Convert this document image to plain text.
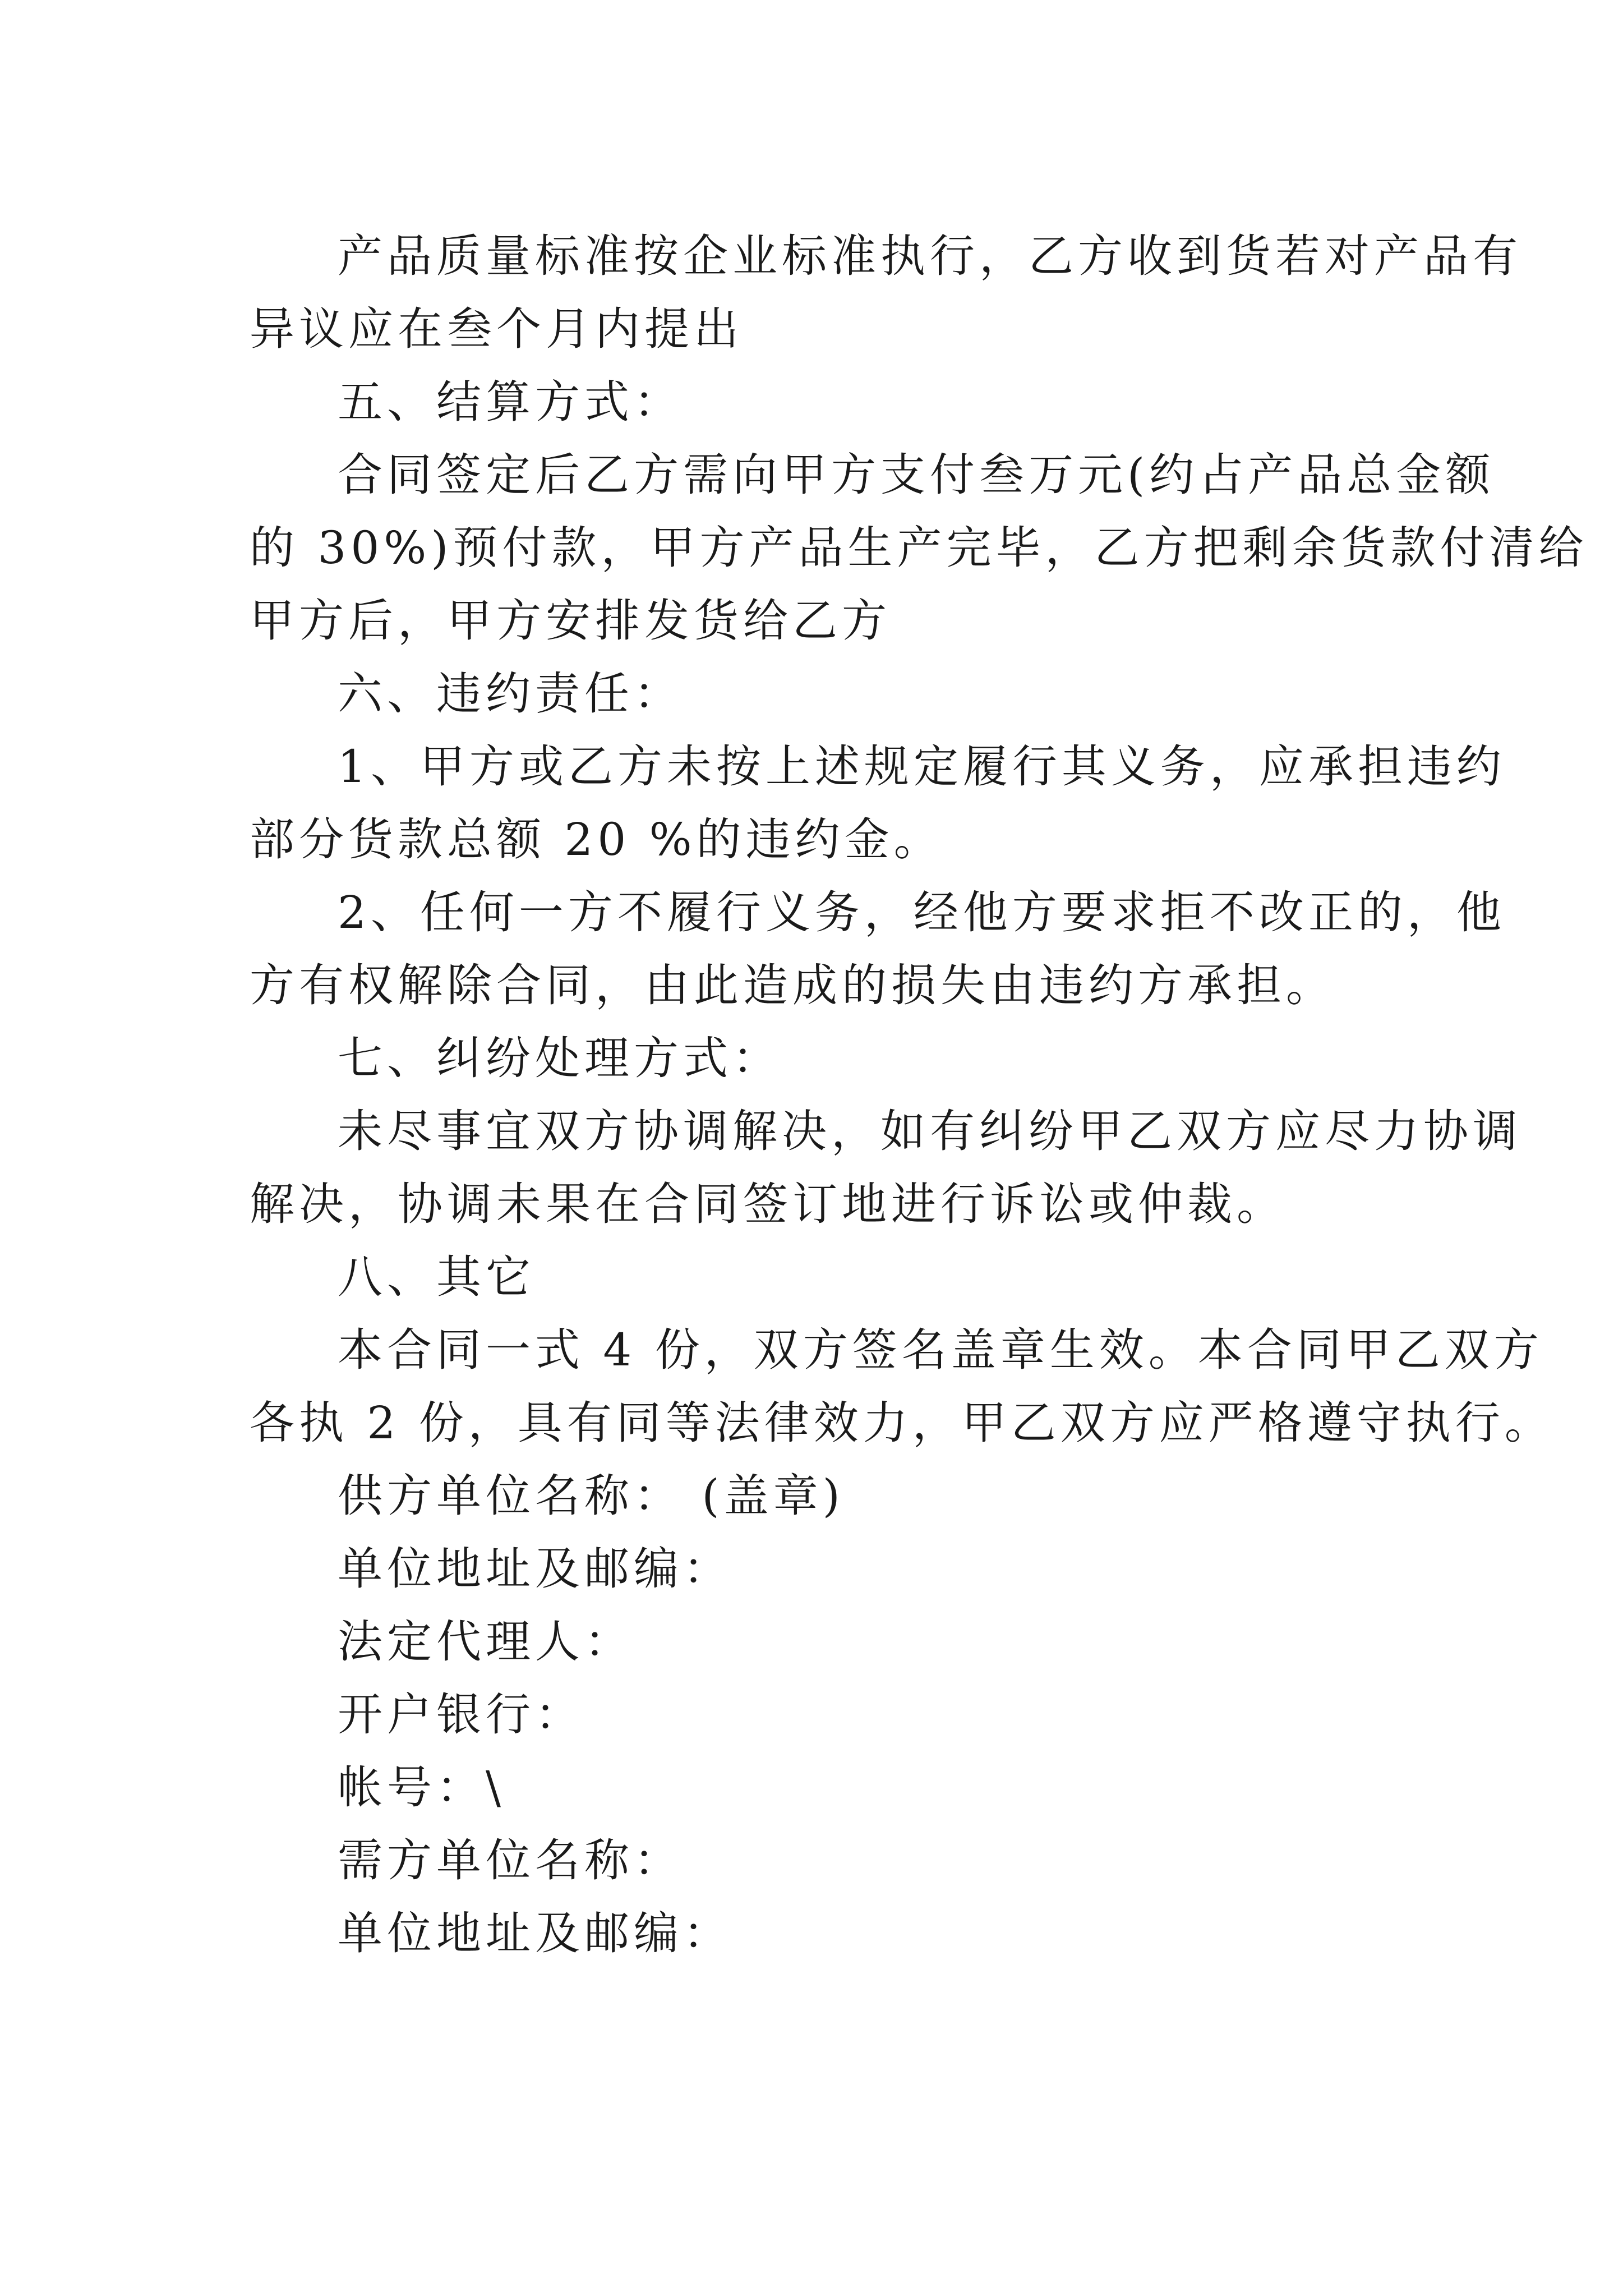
产品质量标准按企业标准执行，乙方收到货若对产品有

异议应在叁个月内提出

五、结算方式：

合同签定后乙方需向甲方支付叁万元(约占产品总金额

的 30%)预付款，甲方产品生产完毕，乙方把剩余货款付清给

甲方后，甲方安排发货给乙方

六、违约责任：

1、甲方或乙方未按上述规定履行其义务，应承担违约

部分货款总额 20 %的违约金。

2、任何一方不履行义务，经他方要求拒不改正的，他

方有权解除合同，由此造成的损失由违约方承担。

七、纠纷处理方式：

未尽事宜双方协调解决，如有纠纷甲乙双方应尽力协调

解决，协调未果在合同签订地进行诉讼或仲裁。

八、其它

本合同一式 4 份，双方签名盖章生效。本合同甲乙双方

各执 2 份，具有同等法律效力，甲乙双方应严格遵守执行。

供方单位名称： (盖章)

单位地址及邮编：

法定代理人：

开户银行：

帐号：\

需方单位名称：

单位地址及邮编：
